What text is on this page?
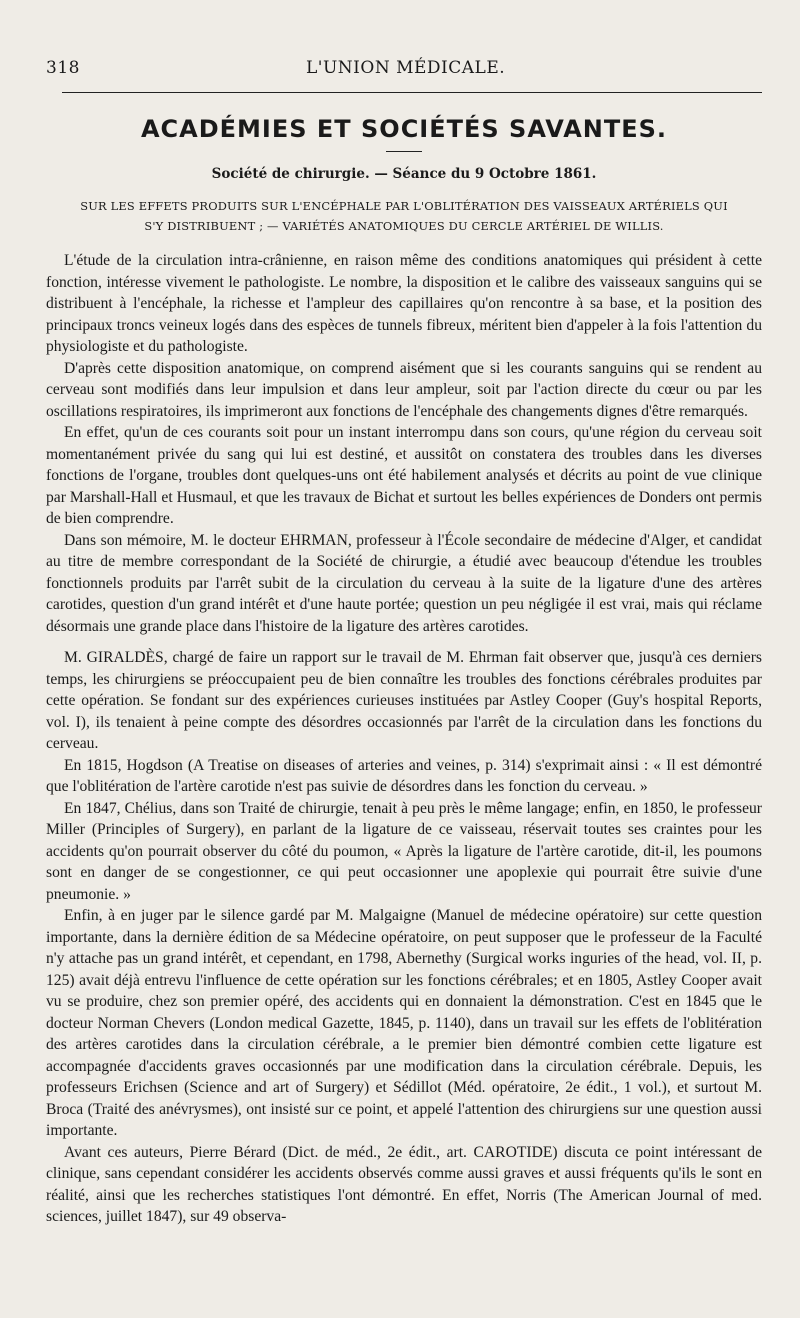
318	L'UNION MÉDICALE.
ACADÉMIES ET SOCIÉTÉS SAVANTES.
Société de chirurgie. — Séance du 9 Octobre 1861.
SUR LES EFFETS PRODUITS SUR L'ENCÉPHALE PAR L'OBLITÉRATION DES VAISSEAUX ARTÉRIELS QUI
S'Y DISTRIBUENT ; — VARIÉTÉS ANATOMIQUES DU CERCLE ARTÉRIEL DE WILLIS.

L'étude de la circulation intra-crânienne, en raison même des conditions anatomiques qui président à cette fonction, intéresse vivement le pathologiste. Le nombre, la disposition et le calibre des vaisseaux sanguins qui se distribuent à l'encéphale, la richesse et l'ampleur des capillaires qu'on rencontre à sa base, et la position des principaux troncs veineux logés dans des espèces de tunnels fibreux, méritent bien d'appeler à la fois l'attention du physiologiste et du pathologiste.

D'après cette disposition anatomique, on comprend aisément que si les courants sanguins qui se rendent au cerveau sont modifiés dans leur impulsion et dans leur ampleur, soit par l'action directe du cœur ou par les oscillations respiratoires, ils imprimeront aux fonctions de l'encéphale des changements dignes d'être remarqués.

En effet, qu'un de ces courants soit pour un instant interrompu dans son cours, qu'une région du cerveau soit momentanément privée du sang qui lui est destiné, et aussitôt on constatera des troubles dans les diverses fonctions de l'organe, troubles dont quelques-uns ont été habilement analysés et décrits au point de vue clinique par Marshall-Hall et Husmaul, et que les travaux de Bichat et surtout les belles expériences de Donders ont permis de bien comprendre.

Dans son mémoire, M. le docteur EHRMAN, professeur à l'École secondaire de médecine d'Alger, et candidat au titre de membre correspondant de la Société de chirurgie, a étudié avec beaucoup d'étendue les troubles fonctionnels produits par l'arrêt subit de la circulation du cerveau à la suite de la ligature d'une des artères carotides, question d'un grand intérêt et d'une haute portée; question un peu négligée il est vrai, mais qui réclame désormais une grande place dans l'histoire de la ligature des artères carotides.

M. GIRALDÈS, chargé de faire un rapport sur le travail de M. Ehrman fait observer que, jusqu'à ces derniers temps, les chirurgiens se préoccupaient peu de bien connaître les troubles des fonctions cérébrales produites par cette opération. Se fondant sur des expériences curieuses instituées par Astley Cooper (Guy's hospital Reports, vol. I), ils tenaient à peine compte des désordres occasionnés par l'arrêt de la circulation dans les fonctions du cerveau.

En 1815, Hogdson (A Treatise on diseases of arteries and veines, p. 314) s'exprimait ainsi : « Il est démontré que l'oblitération de l'artère carotide n'est pas suivie de désordres dans les fonction du cerveau. »

En 1847, Chélius, dans son Traité de chirurgie, tenait à peu près le même langage; enfin, en 1850, le professeur Miller (Principles of Surgery), en parlant de la ligature de ce vaisseau, réservait toutes ses craintes pour les accidents qu'on pourrait observer du côté du poumon, « Après la ligature de l'artère carotide, dit-il, les poumons sont en danger de se congestionner, ce qui peut occasionner une apoplexie qui pourrait être suivie d'une pneumonie. »

Enfin, à en juger par le silence gardé par M. Malgaigne (Manuel de médecine opératoire) sur cette question importante, dans la dernière édition de sa Médecine opératoire, on peut supposer que le professeur de la Faculté n'y attache pas un grand intérêt, et cependant, en 1798, Abernethy (Surgical works inguries of the head, vol. II, p. 125) avait déjà entrevu l'influence de cette opération sur les fonctions cérébrales; et en 1805, Astley Cooper avait vu se produire, chez son premier opéré, des accidents qui en donnaient la démonstration. C'est en 1845 que le docteur Norman Chevers (London medical Gazette, 1845, p. 1140), dans un travail sur les effets de l'oblitération des artères carotides dans la circulation cérébrale, a le premier bien démontré combien cette ligature est accompagnée d'accidents graves occasionnés par une modification dans la circulation cérébrale. Depuis, les professeurs Erichsen (Science and art of Surgery) et Sédillot (Méd. opératoire, 2e édit., 1 vol.), et surtout M. Broca (Traité des anévrysmes), ont insisté sur ce point, et appelé l'attention des chirurgiens sur une question aussi importante.

Avant ces auteurs, Pierre Bérard (Dict. de méd., 2e édit., art. CAROTIDE) discuta ce point intéressant de clinique, sans cependant considérer les accidents observés comme aussi graves et aussi fréquents qu'ils le sont en réalité, ainsi que les recherches statistiques l'ont démontré. En effet, Norris (The American Journal of med. sciences, juillet 1847), sur 49 observa-
